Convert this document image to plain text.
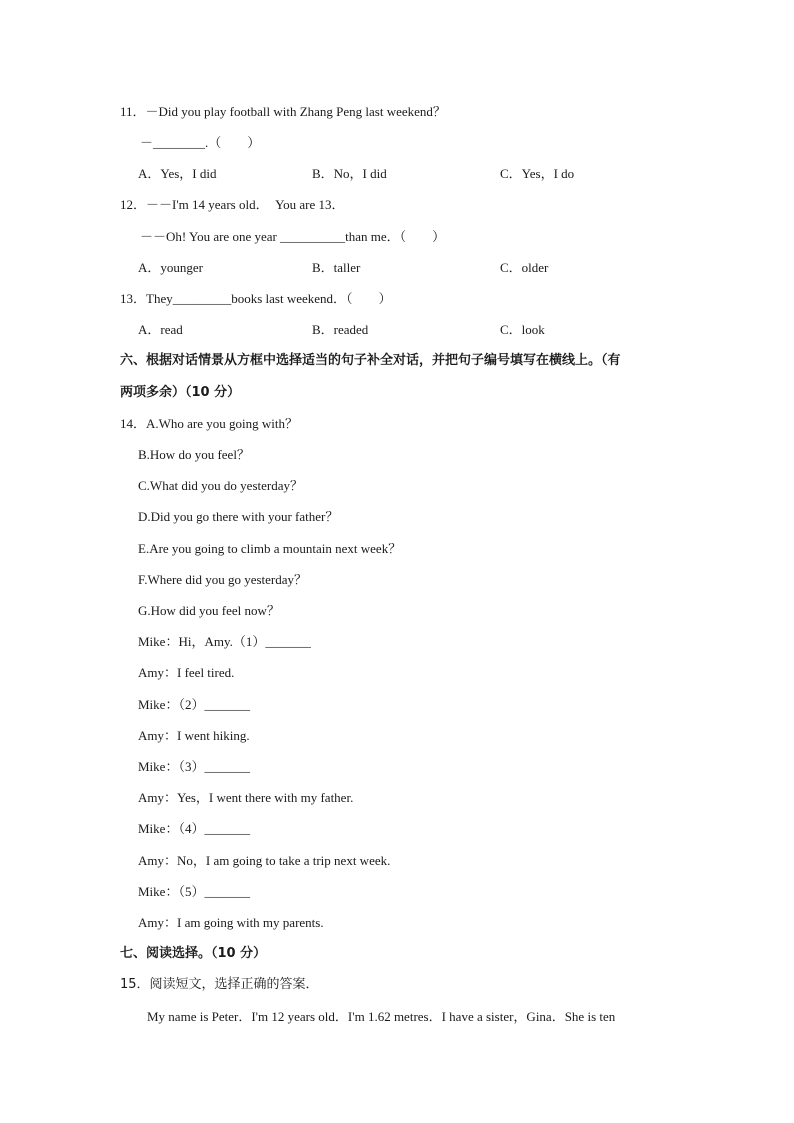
11．－Did you play football with Zhang Peng last weekend？
－________.（　　）
A．Yes，I did	B．No，I did	C．Yes，I do
12．－－I'm 14 years old．　You are 13．
－－Oh! You are one year __________than me．（　　）
A．younger	B．taller	C．older
13．They_________books last weekend．（　　）
A．read	B．readed	C．look
六、根据对话情景从方框中选择适当的句子补全对话，并把句子编号填写在横线上。（有
两项多余）（10 分）
14．A.Who are you going with？
B.How do you feel？
C.What did you do yesterday？
D.Did you go there with your father？
E.Are you going to climb a mountain next week？
F.Where did you go yesterday？
G.How did you feel now？
Mike：Hi，Amy.（1）_______
Amy：I feel tired.
Mike：（2）_______
Amy：I went hiking.
Mike：（3）_______
Amy：Yes，I went there with my father.
Mike：（4）_______
Amy：No，I am going to take a trip next week.
Mike：（5）_______
Amy：I am going with my parents.
七、阅读选择。（10 分）
15．阅读短文，选择正确的答案．
My name is Peter．I'm 12 years old．I'm 1.62 metres．I have a sister，Gina．She is ten
